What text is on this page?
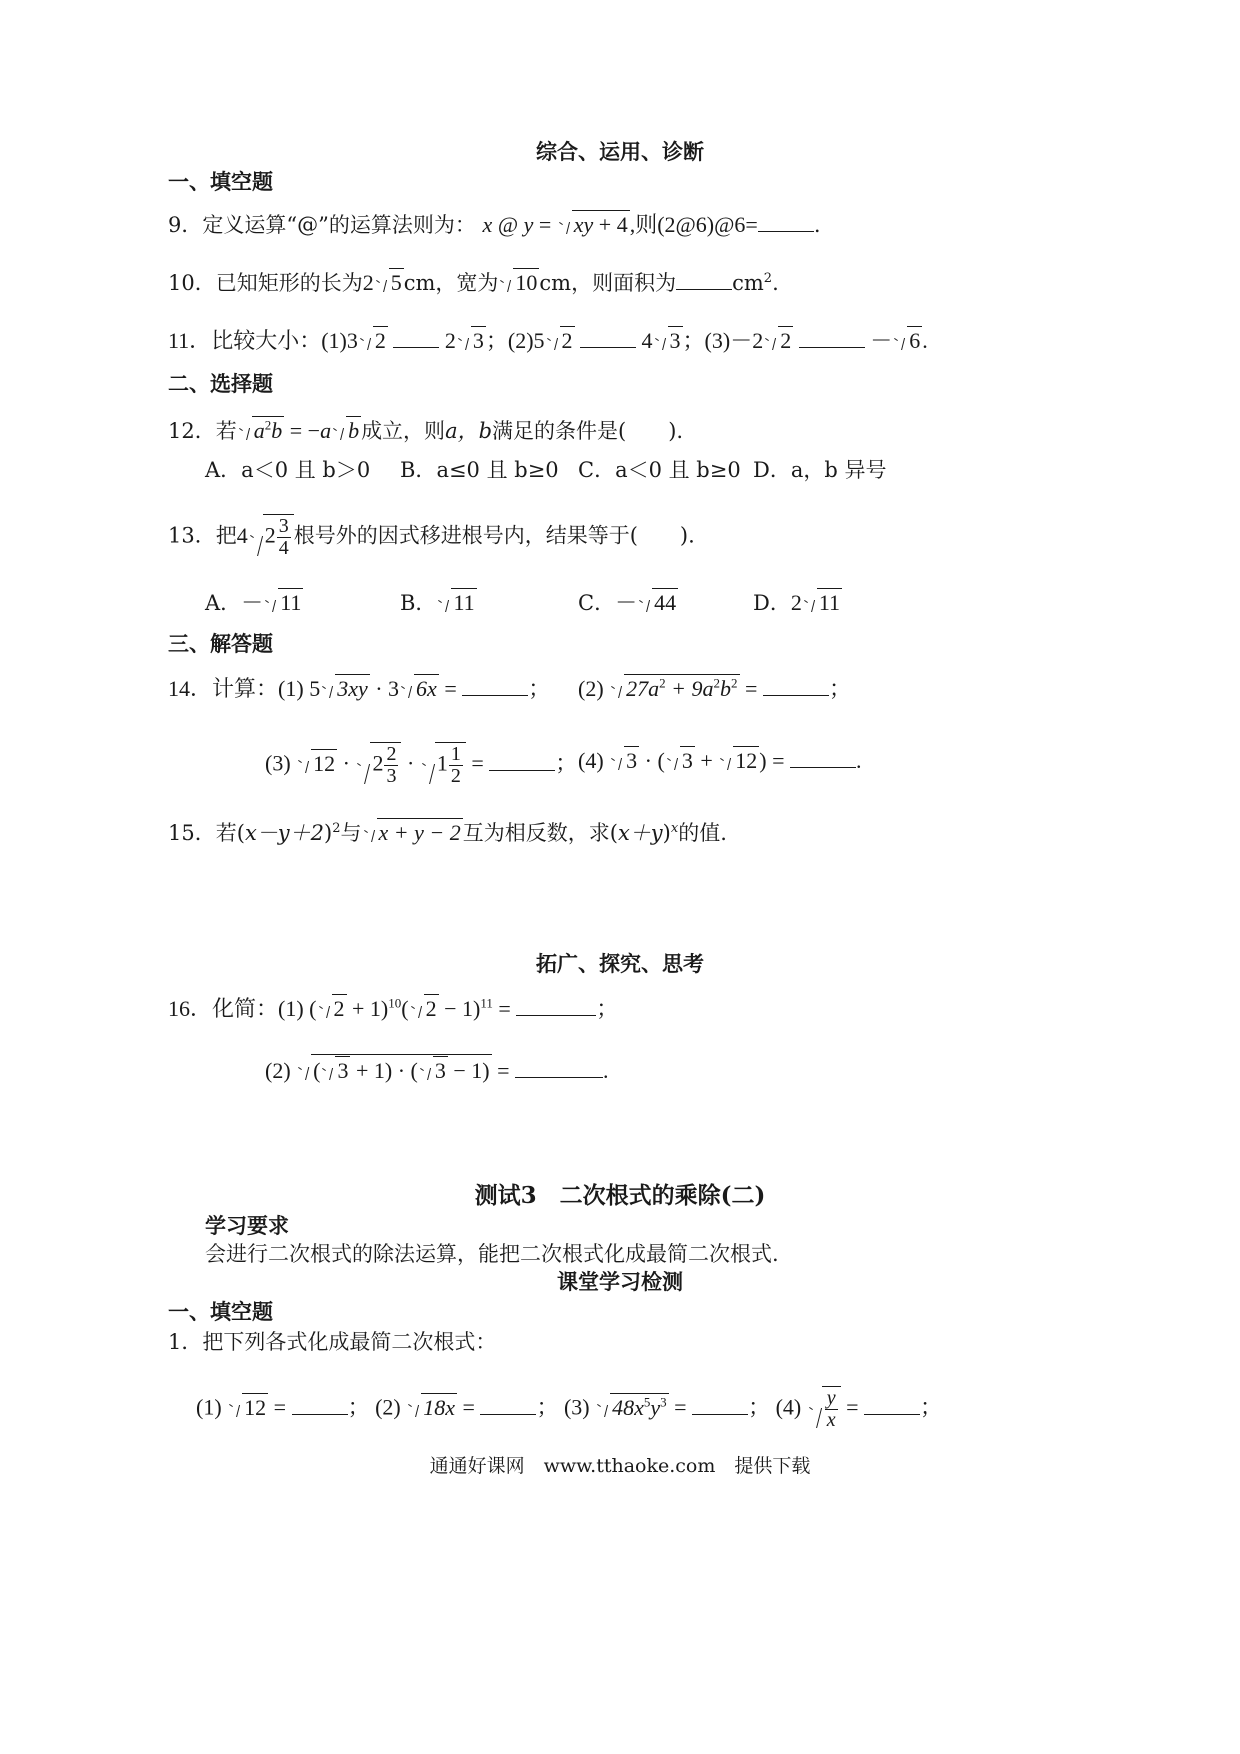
综合、运用、诊断
一、填空题
9．定义运算“@”的运算法则为： x @ y = xy + 4,则(2@6)@6=	.
10．已知矩形的长为2 5cm，宽为 10cm，则面积为	$cm^2$.
11．比较大小：(1)3 2	2 3；(2)5 2	4 3；(3)－2 2	－ 6.
二、选择题
12．若 $a^2b = -a$ b成立，则a，b满足的条件是(　　).
A．a＜0 且 b＞0 B．a≤0 且 b≥0 C．a＜0 且 b≥0 D．a，b 异号
13．把4 $2 \frac{3}{4}$ 根号外的因式移进根号内，结果等于(　　).
A．－ 11	B． 11	C．－ 44	D．2 11
三、解答题
14．计算：(1) 5 3xy · 3 6x =	； (2) $27a^2 + 9a^2b^2$ =	；
(3) $12 \cdot 2 \frac{2}{3} \cdot 1 \frac{1}{2}$ =	； (4) 3 · ( 3 + 12) =	.
15．若$(x-y+2)^2$与 x + y − 2互为相反数，求$(x+y)^x$的值.
拓广、探究、思考
16．化简：(1) ( 2 + 1)$^{10}$( 2 − 1)$^{11}$ =	；
(2) ( 3 + 1) · ( 3 − 1) =	.
测试3　二次根式的乘除(二)
学习要求
会进行二次根式的除法运算，能把二次根式化成最简二次根式.
课堂学习检测
一、填空题
1．把下列各式化成最简二次根式：
(1) 12 =	； (2) 18x =	； (3) $48x^5y^3$ =	； $(4) \frac{y}{x}$ =	；
通通好课网　www.tthaoke.com　提供下载
